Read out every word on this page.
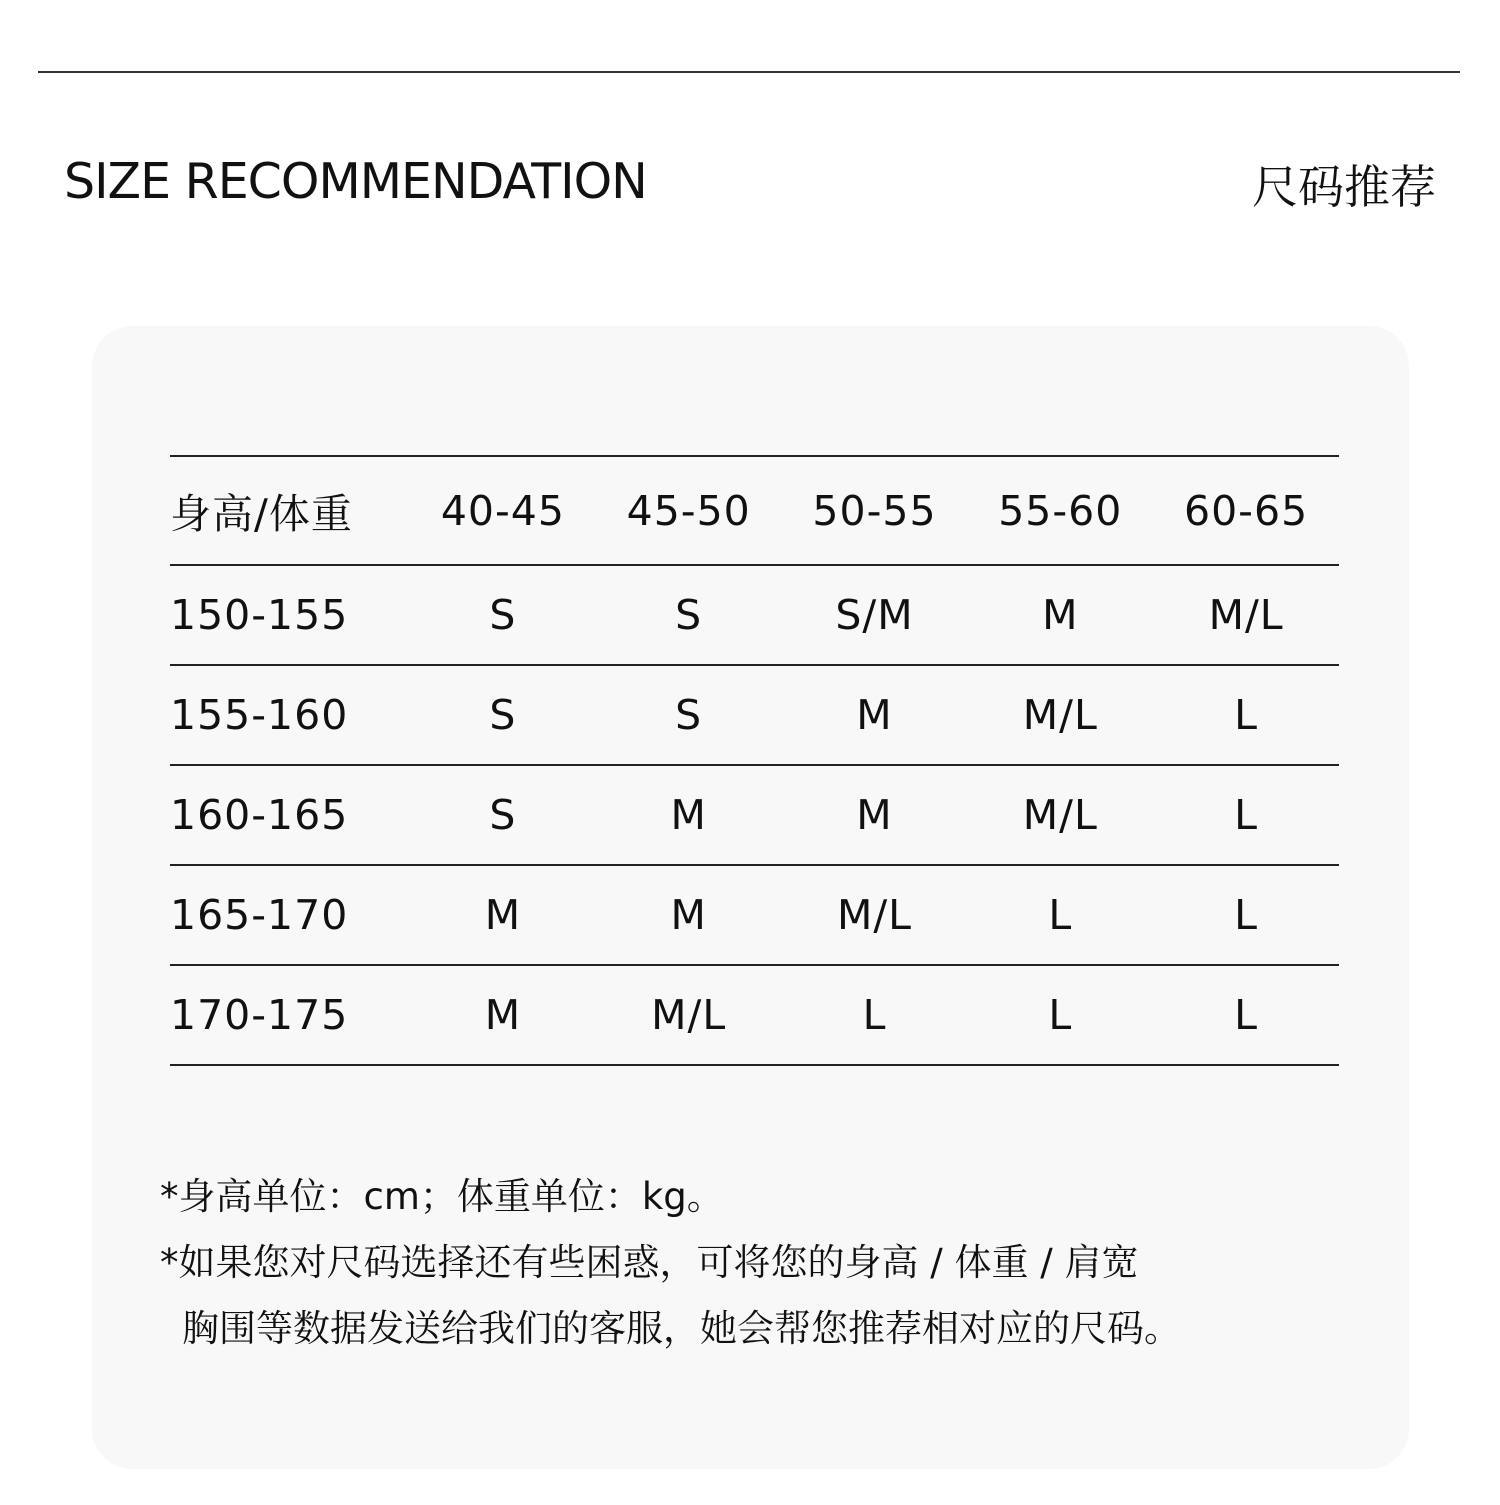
SIZE RECOMMENDATION	尺码推荐
身高/体重	40-45	45-50	50-55	55-60	60-65
150-155	S	S	S/M	M	M/L
155-160	S	S	M	M/L	L
160-165	S	M	M	M/L	L
165-170	M	M	M/L	L	L
170-175	M	M/L	L	L	L
*身高单位：cm；体重单位：kg。
*如果您对尺码选择还有些困惑，可将您的身高 / 体重 / 肩宽
胸围等数据发送给我们的客服，她会帮您推荐相对应的尺码。
